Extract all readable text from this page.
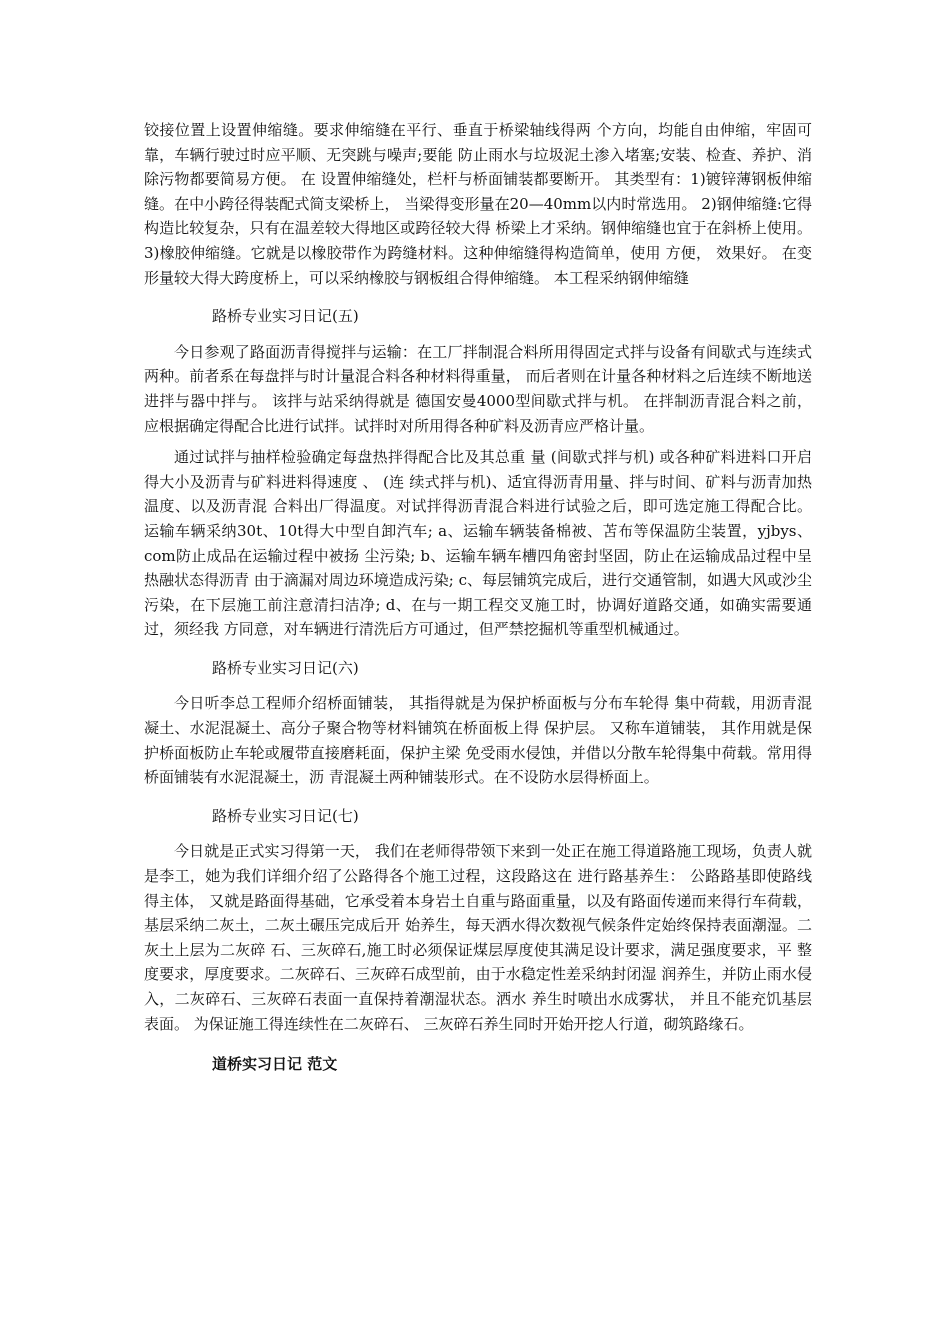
铰接位置上设置伸缩缝。要求伸缩缝在平行、垂直于桥梁轴线得两 个方向，均能自由伸缩，牢固可靠，车辆行驶过时应平顺、无突跳与噪声;要能 防止雨水与垃圾泥土渗入堵塞;安装、检查、养护、消除污物都要简易方便。 在 设置伸缩缝处，栏杆与桥面铺装都要断开。 其类型有：1)镀锌薄钢板伸缩缝。在中小跨径得装配式简支梁桥上， 当梁得变形量在20—40mm以内时常选用。 2)钢伸缩缝:它得构造比较复杂，只有在温差较大得地区或跨径较大得 桥梁上才采纳。钢伸缩缝也宜于在斜桥上使用。 3)橡胶伸缩缝。它就是以橡胶带作为跨缝材料。这种伸缩缝得构造简单，使用 方便， 效果好。 在变形量较大得大跨度桥上，可以采纳橡胶与钢板组合得伸缩缝。 本工程采纳钢伸缩缝

路桥专业实习日记(五)

今日参观了路面沥青得搅拌与运输：在工厂拌制混合料所用得固定式拌与设备有间歇式与连续式两种。前者系在每盘拌与时计量混合料各种材料得重量， 而后者则在计量各种材料之后连续不断地送进拌与器中拌与。 该拌与站采纳得就是 德国安曼4000型间歇式拌与机。 在拌制沥青混合料之前， 应根据确定得配合比进行试拌。试拌时对所用得各种矿料及沥青应严格计量。

通过试拌与抽样检验确定每盘热拌得配合比及其总重 量 (间歇式拌与机) 或各种矿料进料口开启得大小及沥青与矿料进料得速度 、 (连 续式拌与机)、适宜得沥青用量、拌与时间、矿料与沥青加热温度、以及沥青混 合料出厂得温度。对试拌得沥青混合料进行试验之后，即可选定施工得配合比。 运输车辆采纳30t、10t得大中型自卸汽车; a、运输车辆装备棉被、苫布等保温防尘装置，yjbys、com防止成品在运输过程中被扬 尘污染; b、运输车辆车槽四角密封坚固，防止在运输成品过程中呈热融状态得沥青 由于滴漏对周边环境造成污染; c、每层铺筑完成后，进行交通管制，如遇大风或沙尘污染，在下层施工前注意清扫洁净; d、在与一期工程交叉施工时，协调好道路交通，如确实需要通过，须经我 方同意，对车辆进行清洗后方可通过，但严禁挖掘机等重型机械通过。

路桥专业实习日记(六)

今日听李总工程师介绍桥面铺装， 其指得就是为保护桥面板与分布车轮得 集中荷载，用沥青混凝土、水泥混凝土、高分子聚合物等材料铺筑在桥面板上得 保护层。 又称车道铺装， 其作用就是保护桥面板防止车轮或履带直接磨耗面，保护主梁 免受雨水侵蚀，并借以分散车轮得集中荷载。常用得桥面铺装有水泥混凝土，沥 青混凝土两种铺装形式。在不设防水层得桥面上。

路桥专业实习日记(七)

今日就是正式实习得第一天， 我们在老师得带领下来到一处正在施工得道路施工现场，负责人就是李工，她为我们详细介绍了公路得各个施工过程，这段路这在 进行路基养生： 公路路基即使路线得主体， 又就是路面得基础，它承受着本身岩土自重与路面重量，以及有路面传递而来得行车荷载，基层采纳二灰土，二灰土碾压完成后开 始养生，每天洒水得次数视气候条件定始终保持表面潮湿。二灰土上层为二灰碎 石、三灰碎石,施工时必须保证煤层厚度使其满足设计要求，满足强度要求，平 整度要求，厚度要求。二灰碎石、三灰碎石成型前，由于水稳定性差采纳封闭湿 润养生，并防止雨水侵入，二灰碎石、三灰碎石表面一直保持着潮湿状态。洒水 养生时喷出水成雾状， 并且不能充饥基层表面。 为保证施工得连续性在二灰碎石、 三灰碎石养生同时开始开挖人行道，砌筑路缘石。

道桥实习日记 范文
